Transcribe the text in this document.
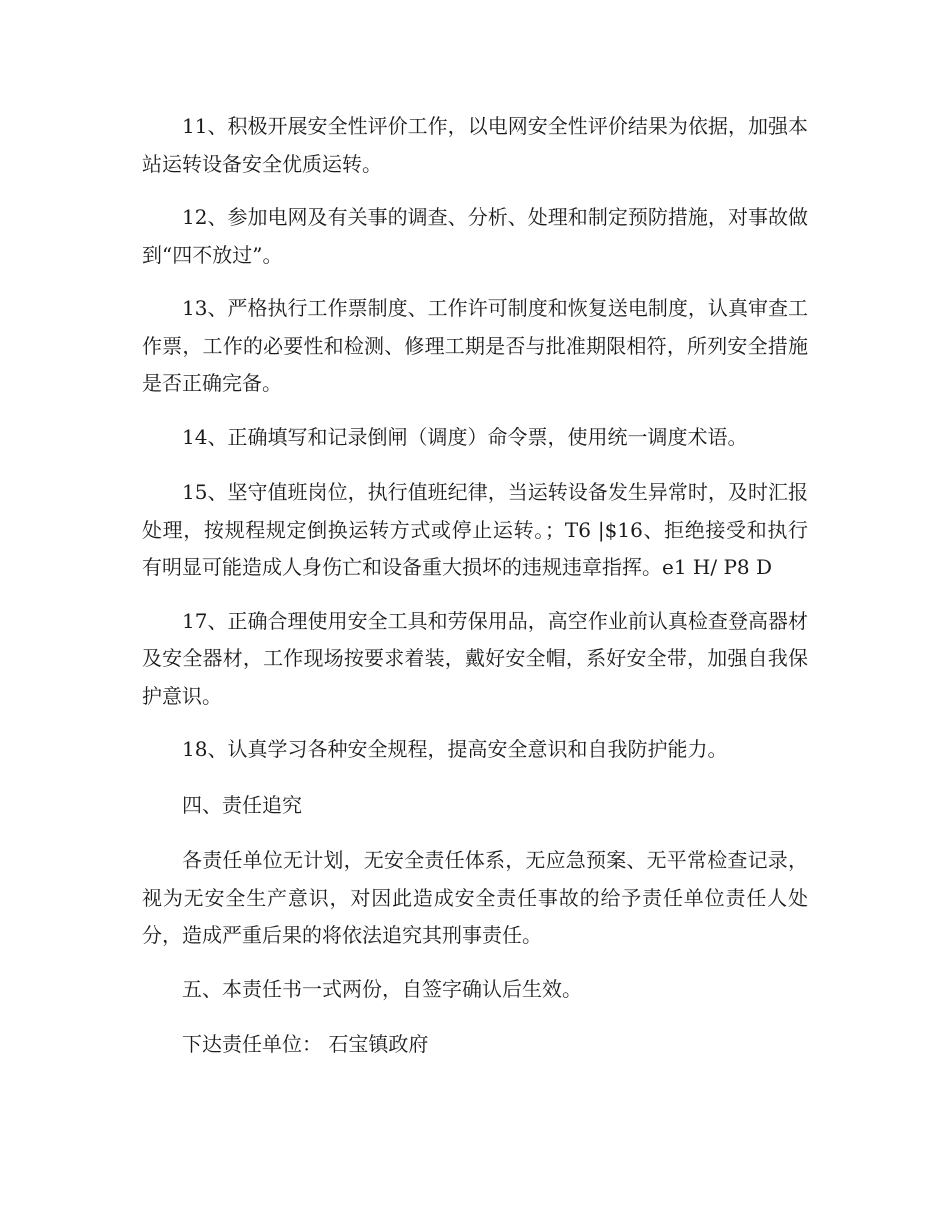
11、积极开展安全性评价工作，以电网安全性评价结果为依据，加强本站运转设备安全优质运转。

12、参加电网及有关事的调查、分析、处理和制定预防措施，对事故做到“四不放过”。

13、严格执行工作票制度、工作许可制度和恢复送电制度，认真审查工作票，工作的必要性和检测、修理工期是否与批准期限相符，所列安全措施是否正确完备。

14、正确填写和记录倒闸（调度）命令票，使用统一调度术语。

15、坚守值班岗位，执行值班纪律，当运转设备发生异常时，及时汇报处理，按规程规定倒换运转方式或停止运转。；T6 |$16、拒绝接受和执行有明显可能造成人身伤亡和设备重大损坏的违规违章指挥。e1 H/ P8 D

17、正确合理使用安全工具和劳保用品，高空作业前认真检查登高器材及安全器材，工作现场按要求着装，戴好安全帽，系好安全带，加强自我保护意识。

18、认真学习各种安全规程，提高安全意识和自我防护能力。

四、责任追究

各责任单位无计划，无安全责任体系，无应急预案、无平常检查记录，视为无安全生产意识，对因此造成安全责任事故的给予责任单位责任人处分，造成严重后果的将依法追究其刑事责任。

五、本责任书一式两份，自签字确认后生效。

下达责任单位： 石宝镇政府
